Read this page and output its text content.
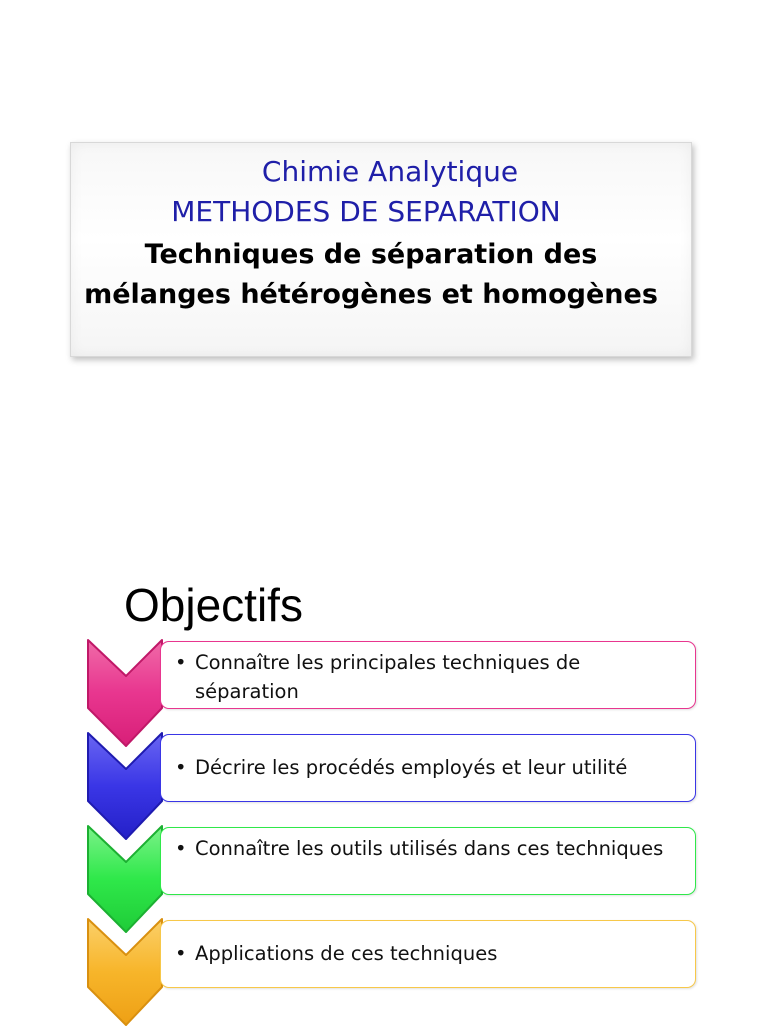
Chimie Analytique
METHODES DE SEPARATION
Techniques de séparation des
mélanges hétérogènes et homogènes
Objectifs
• Connaître les principales techniques de séparation
• Décrire les procédés employés et leur utilité
• Connaître les outils utilisés dans ces techniques
• Applications de ces techniques
